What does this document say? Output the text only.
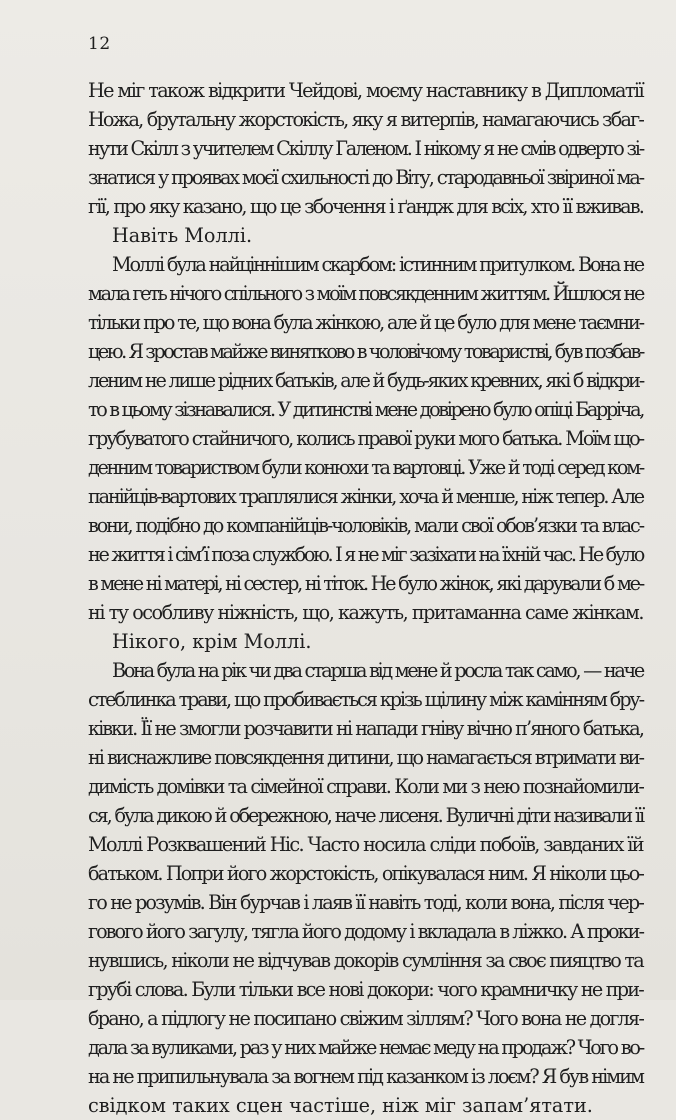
12
Не міг також відкрити Чейдові, моєму наставнику в Дипломатії
Ножа, брутальну жорстокість, яку я витерпів, намагаючись збаг-
нути Скілл з учителем Скіллу Галеном. І нікому я не смів одверто зі-
знатися у проявах моєї схильності до Віту, стародавньої звіриної ма-
гії, про яку казано, що це збочення і ґандж для всіх, хто її вживав.
Навіть Моллі.
Моллі була найціннішим скарбом: істинним притулком. Вона не
мала геть нічого спільного з моїм повсякденним життям. Йшлося не
тільки про те, що вона була жінкою, але й це було для мене таємни-
цею. Я зростав майже винятково в чоловічому товаристві, був позбав-
леним не лише рідних батьків, але й будь-яких кревних, які б відкри-
то в цьому зізнавалися. У дитинстві мене довірено було опіці Барріча,
грубуватого стайничого, колись правої руки мого батька. Моїм що-
денним товариством були конюхи та вартовці. Уже й тоді серед ком-
панійців-вартових траплялися жінки, хоча й менше, ніж тепер. Але
вони, подібно до компанійців-чоловіків, мали свої обов’язки та влас-
не життя і сім’ї поза службою. І я не міг зазіхати на їхній час. Не було
в мене ні матері, ні сестер, ні тіток. Не було жінок, які дарували б ме-
ні ту особливу ніжність, що, кажуть, притаманна саме жінкам.
Нікого, крім Моллі.
Вона була на рік чи два старша від мене й росла так само, — наче
стеблинка трави, що пробивається крізь щілину між камінням бру-
ківки. Її не змогли розчавити ні напади гніву вічно п’яного батька,
ні виснажливе повсякдення дитини, що намагається втримати ви-
димість домівки та сімейної справи. Коли ми з нею познайомили-
ся, була дикою й обережною, наче лисеня. Вуличні діти називали її
Моллі Розквашений Ніс. Часто носила сліди побоїв, завданих їй
батьком. Попри його жорстокість, опікувалася ним. Я ніколи цьо-
го не розумів. Він бурчав і лаяв її навіть тоді, коли вона, після чер-
гового його загулу, тягла його додому і вкладала в ліжко. А проки-
нувшись, ніколи не відчував докорів сумління за своє пияцтво та
грубі слова. Були тільки все нові докори: чого крамничку не при-
брано, а підлогу не посипано свіжим зіллям? Чого вона не догля-
дала за вуликами, раз у них майже немає меду на продаж? Чого во-
на не припильнувала за вогнем під казанком із лоєм? Я був німим
свідком таких сцен частіше, ніж міг запам’ятати.
